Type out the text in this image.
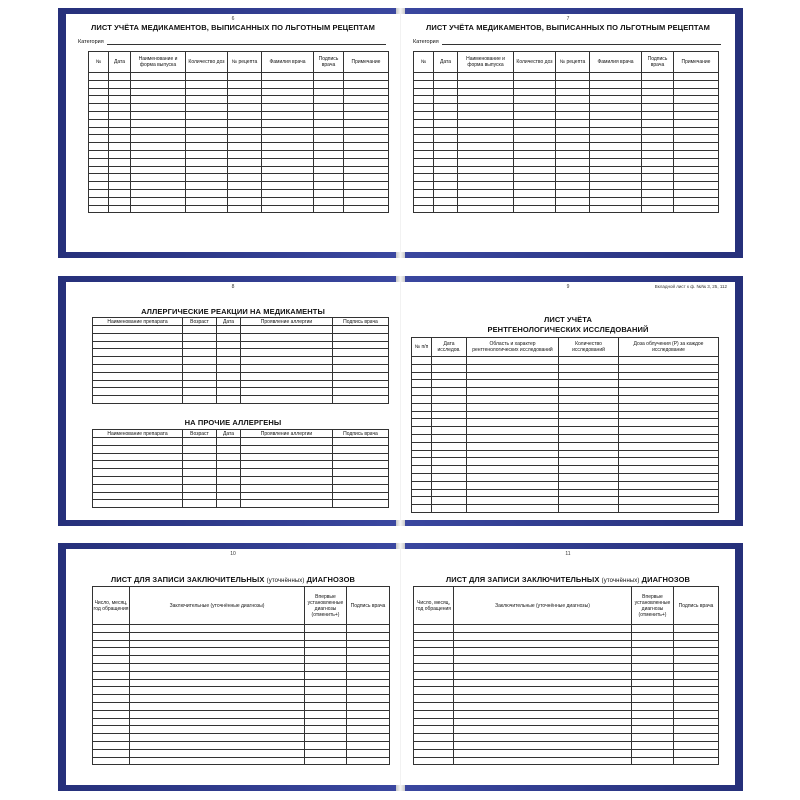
6
ЛИСТ УЧЁТА МЕДИКАМЕНТОВ, ВЫПИСАННЫХ ПО ЛЬГОТНЫМ РЕЦЕПТАМ
Категория
№	Дата	Наименование и форма выпуска	Количество доз	№ рецепта	Фамилия врача	Подпись врача	Примечание

7
ЛИСТ УЧЁТА МЕДИКАМЕНТОВ, ВЫПИСАННЫХ ПО ЛЬГОТНЫМ РЕЦЕПТАМ
Категория
№	Дата	Наименование и форма выпуска	Количество доз	№ рецепта	Фамилия врача	Подпись врача	Примечание

8
АЛЛЕРГИЧЕСКИЕ РЕАКЦИИ НА МЕДИКАМЕНТЫ
Наименование препарата	Возраст	Дата	Проявление аллергии	Подпись врача

НА ПРОЧИЕ АЛЛЕРГЕНЫ
Наименование препарата	Возраст	Дата	Проявление аллергии	Подпись врача

9	Вкладной лист к ф. №№ 3, 25, 112
ЛИСТ УЧЁТА
РЕНТГЕНОЛОГИЧЕСКИХ ИССЛЕДОВАНИЙ
№ п/п	Дата исследов.	Область и характер рентгенологических исследований	Количество исследований	Доза облучения (Р) за каждое исследование

10
ЛИСТ ДЛЯ ЗАПИСИ ЗАКЛЮЧИТЕЛЬНЫХ (уточнённых) ДИАГНОЗОВ
Число, месяц, год обращения	Заключительные (уточнённые диагнозы)	Впервые установленные диагнозы (отменить+)	Подпись врача

11
ЛИСТ ДЛЯ ЗАПИСИ ЗАКЛЮЧИТЕЛЬНЫХ (уточнённых) ДИАГНОЗОВ
Число, месяц, год обращения	Заключительные (уточнённые диагнозы)	Впервые установленные диагнозы (отменить+)	Подпись врача
